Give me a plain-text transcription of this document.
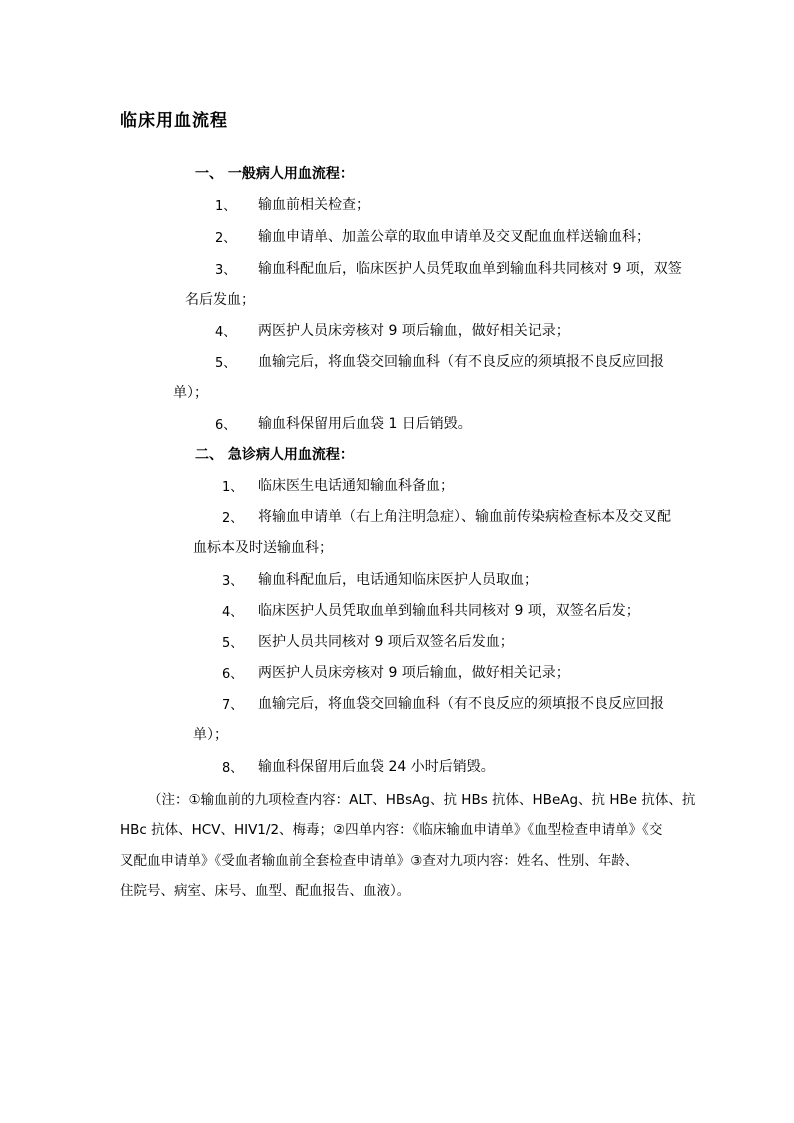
临床用血流程
一、 一般病人用血流程：
1、 输血前相关检查；
2、 输血申请单、加盖公章的取血申请单及交叉配血血样送输血科；
3、 输血科配血后，临床医护人员凭取血单到输血科共同核对 9 项，双签
名后发血；
4、 两医护人员床旁核对 9 项后输血，做好相关记录；
5、 血输完后，将血袋交回输血科（有不良反应的须填报不良反应回报
单）；
6、 输血科保留用后血袋 1 日后销毁。
二、 急诊病人用血流程：
1、 临床医生电话通知输血科备血；
2、 将输血申请单（右上角注明急症）、输血前传染病检查标本及交叉配
血标本及时送输血科；
3、 输血科配血后，电话通知临床医护人员取血；
4、 临床医护人员凭取血单到输血科共同核对 9 项，双签名后发；
5、 医护人员共同核对 9 项后双签名后发血；
6、 两医护人员床旁核对 9 项后输血，做好相关记录；
7、 血输完后，将血袋交回输血科（有不良反应的须填报不良反应回报
单）；
8、 输血科保留用后血袋 24 小时后销毁。
（注：①输血前的九项检查内容：ALT、HBsAg、抗 HBs 抗体、HBeAg、抗 HBe 抗体、抗
HBc 抗体、HCV、HIV1/2、梅毒；②四单内容：《临床输血申请单》《血型检查申请单》《交
叉配血申请单》《受血者输血前全套检查申请单》③查对九项内容：姓名、性别、年龄、
住院号、病室、床号、血型、配血报告、血液）。
